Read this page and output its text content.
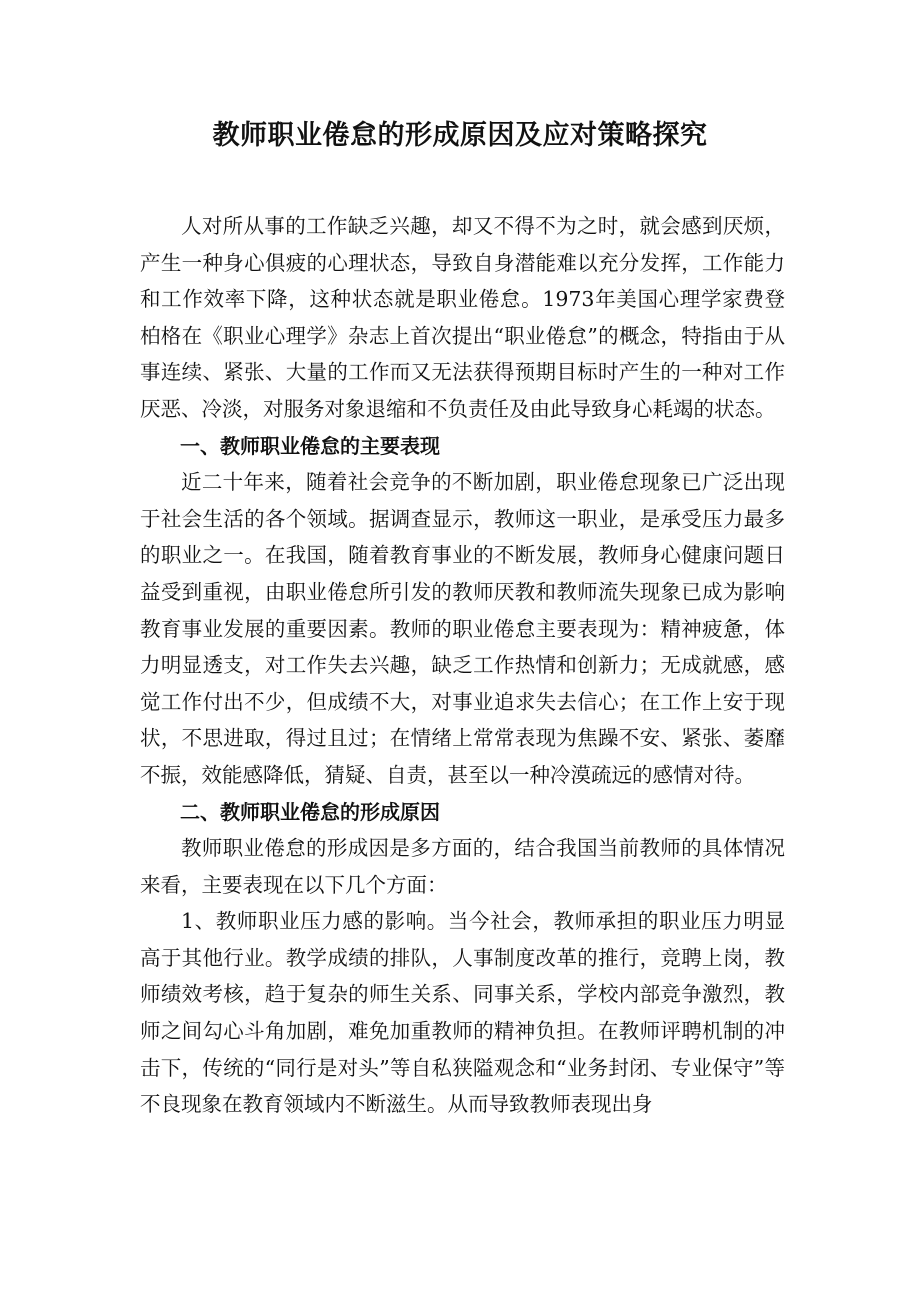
教师职业倦怠的形成原因及应对策略探究

人对所从事的工作缺乏兴趣，却又不得不为之时，就会感到厌烦，产生一种身心俱疲的心理状态，导致自身潜能难以充分发挥，工作能力和工作效率下降，这种状态就是职业倦怠。1973年美国心理学家费登柏格在《职业心理学》杂志上首次提出“职业倦怠”的概念，特指由于从事连续、紧张、大量的工作而又无法获得预期目标时产生的一种对工作厌恶、冷淡，对服务对象退缩和不负责任及由此导致身心耗竭的状态。

一、教师职业倦怠的主要表现

近二十年来，随着社会竞争的不断加剧，职业倦怠现象已广泛出现于社会生活的各个领域。据调查显示，教师这一职业，是承受压力最多的职业之一。在我国，随着教育事业的不断发展，教师身心健康问题日益受到重视，由职业倦怠所引发的教师厌教和教师流失现象已成为影响教育事业发展的重要因素。教师的职业倦怠主要表现为：精神疲惫，体力明显透支，对工作失去兴趣，缺乏工作热情和创新力；无成就感，感觉工作付出不少，但成绩不大，对事业追求失去信心；在工作上安于现状，不思进取，得过且过；在情绪上常常表现为焦躁不安、紧张、萎靡不振，效能感降低，猜疑、自责，甚至以一种冷漠疏远的感情对待。

二、教师职业倦怠的形成原因

教师职业倦怠的形成因是多方面的，结合我国当前教师的具体情况来看，主要表现在以下几个方面：

1、教师职业压力感的影响。当今社会，教师承担的职业压力明显高于其他行业。教学成绩的排队，人事制度改革的推行，竞聘上岗，教师绩效考核，趋于复杂的师生关系、同事关系，学校内部竞争激烈，教师之间勾心斗角加剧，难免加重教师的精神负担。在教师评聘机制的冲击下，传统的“同行是对头”等自私狭隘观念和“业务封闭、专业保守”等不良现象在教育领域内不断滋生。从而导致教师表现出身
